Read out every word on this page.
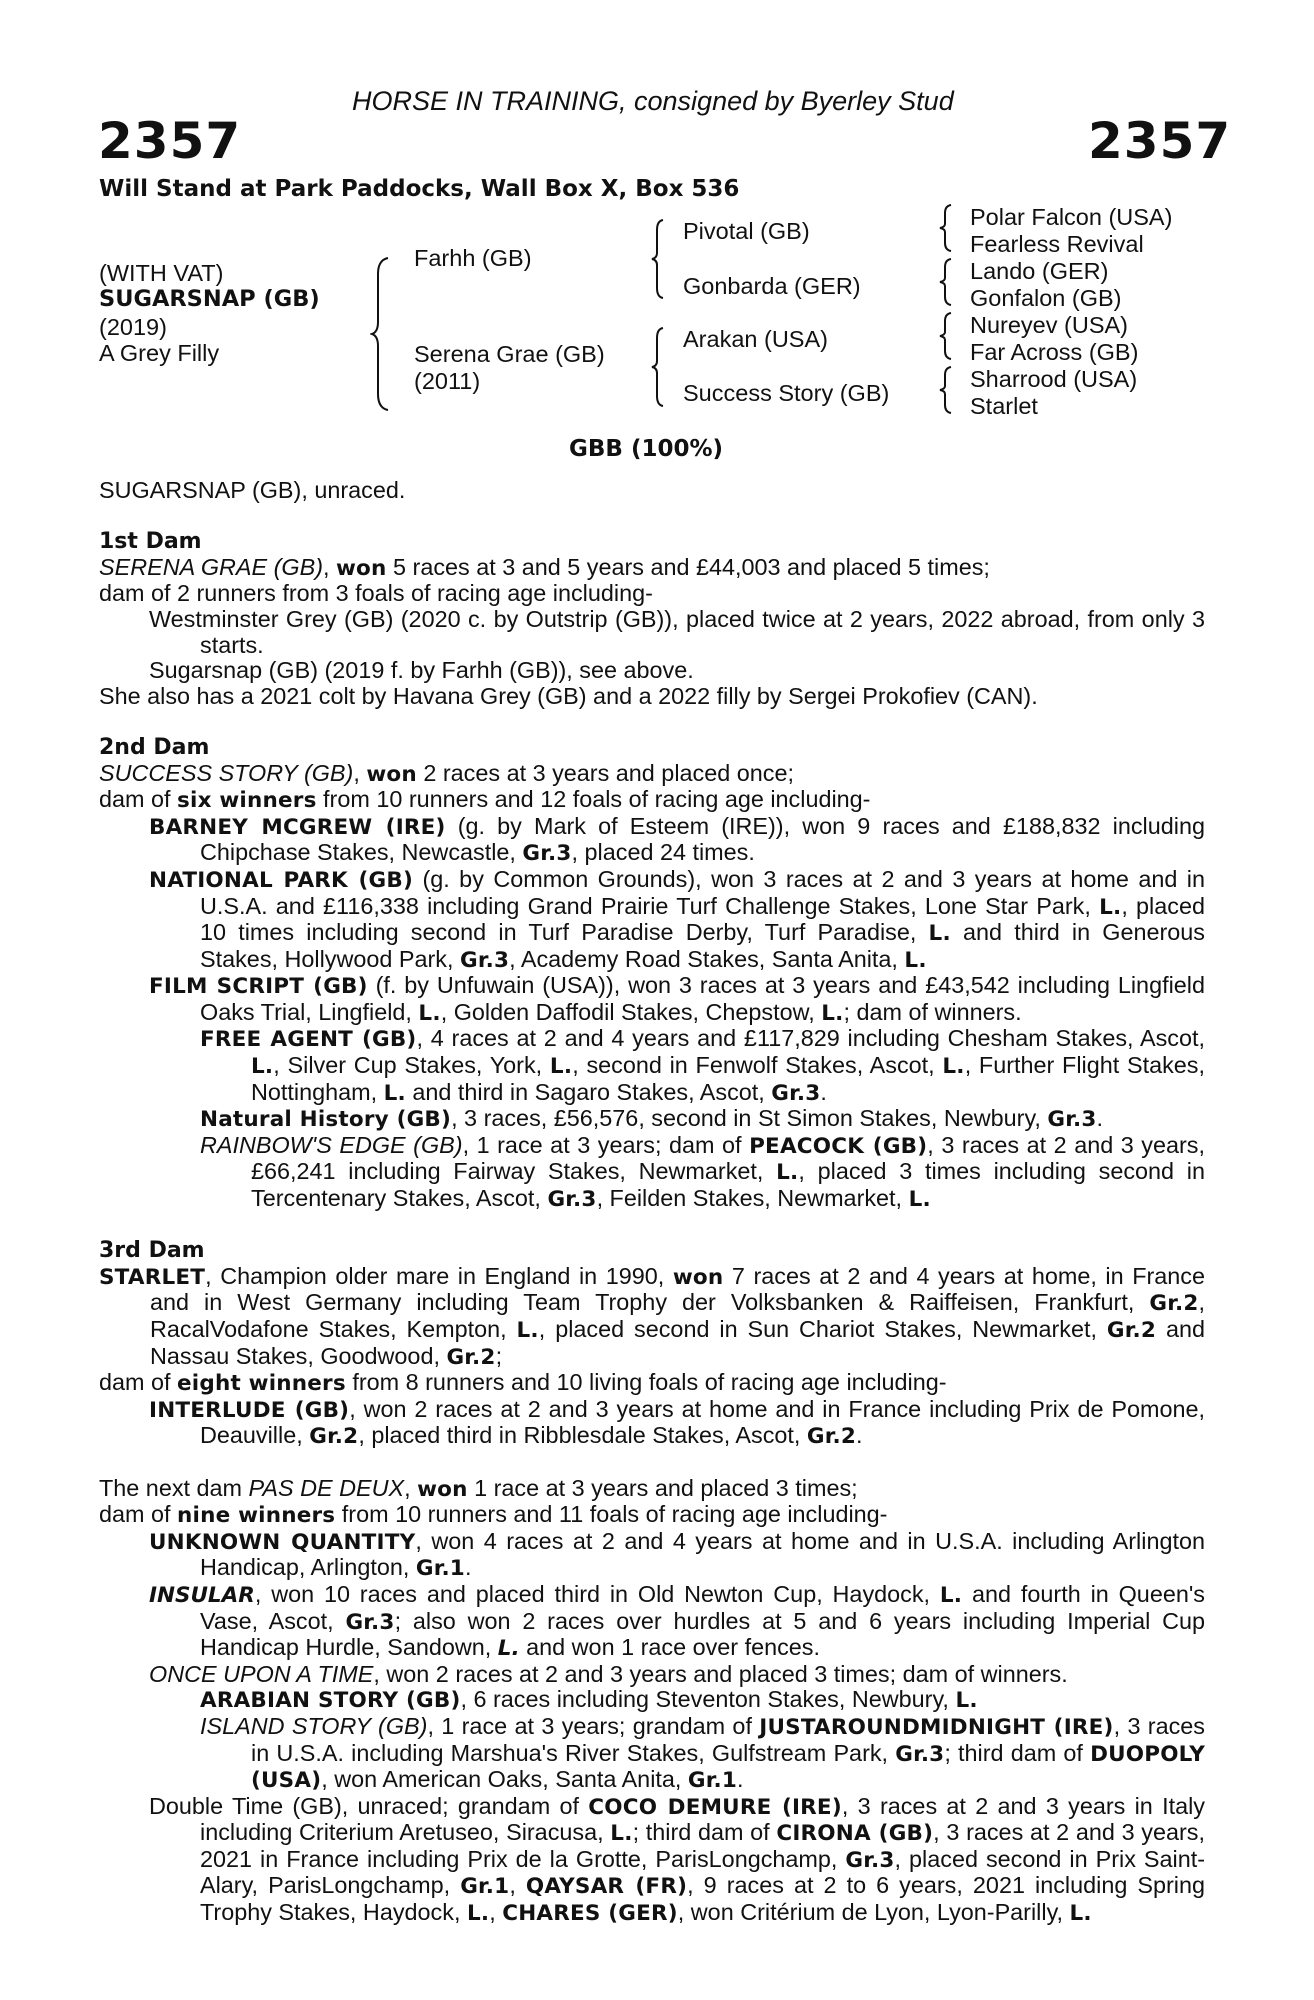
HORSE IN TRAINING, consigned by Byerley Stud
2357	2357
Will Stand at Park Paddocks, Wall Box X, Box 536
(WITH VAT)
SUGARSNAP (GB)
(2019)
A Grey Filly
Farhh (GB)
Serena Grae (GB)
(2011)
Pivotal (GB)
Gonbarda (GER)
Arakan (USA)
Success Story (GB)
Polar Falcon (USA)
Fearless Revival
Lando (GER)
Gonfalon (GB)
Nureyev (USA)
Far Across (GB)
Sharrood (USA)
Starlet
GBB (100%)

SUGARSNAP (GB), unraced.

1st Dam

SERENA GRAE (GB), won 5 races at 3 and 5 years and £44,003 and placed 5 times;

dam of 2 runners from 3 foals of racing age including-

Westminster Grey (GB) (2020 c. by Outstrip (GB)), placed twice at 2 years, 2022 abroad, from only 3 starts.

Sugarsnap (GB) (2019 f. by Farhh (GB)), see above.

She also has a 2021 colt by Havana Grey (GB) and a 2022 filly by Sergei Prokofiev (CAN).

2nd Dam

SUCCESS STORY (GB), won 2 races at 3 years and placed once;

dam of six winners from 10 runners and 12 foals of racing age including-

BARNEY MCGREW (IRE) (g. by Mark of Esteem (IRE)), won 9 races and £188,832 including Chipchase Stakes, Newcastle, Gr.3, placed 24 times.

NATIONAL PARK (GB) (g. by Common Grounds), won 3 races at 2 and 3 years at home and in U.S.A. and £116,338 including Grand Prairie Turf Challenge Stakes, Lone Star Park, L., placed 10 times including second in Turf Paradise Derby, Turf Paradise, L. and third in Generous Stakes, Hollywood Park, Gr.3, Academy Road Stakes, Santa Anita, L.

FILM SCRIPT (GB) (f. by Unfuwain (USA)), won 3 races at 3 years and £43,542 including Lingfield Oaks Trial, Lingfield, L., Golden Daffodil Stakes, Chepstow, L.; dam of winners.

FREE AGENT (GB), 4 races at 2 and 4 years and £117,829 including Chesham Stakes, Ascot, L., Silver Cup Stakes, York, L., second in Fenwolf Stakes, Ascot, L., Further Flight Stakes, Nottingham, L. and third in Sagaro Stakes, Ascot, Gr.3.

Natural History (GB), 3 races, £56,576, second in St Simon Stakes, Newbury, Gr.3.

RAINBOW'S EDGE (GB), 1 race at 3 years; dam of PEACOCK (GB), 3 races at 2 and 3 years, £66,241 including Fairway Stakes, Newmarket, L., placed 3 times including second in Tercentenary Stakes, Ascot, Gr.3, Feilden Stakes, Newmarket, L.

3rd Dam

STARLET, Champion older mare in England in 1990, won 7 races at 2 and 4 years at home, in France and in West Germany including Team Trophy der Volksbanken & Raiffeisen, Frankfurt, Gr.2, RacalVodafone Stakes, Kempton, L., placed second in Sun Chariot Stakes, Newmarket, Gr.2 and Nassau Stakes, Goodwood, Gr.2;

dam of eight winners from 8 runners and 10 living foals of racing age including-

INTERLUDE (GB), won 2 races at 2 and 3 years at home and in France including Prix de Pomone, Deauville, Gr.2, placed third in Ribblesdale Stakes, Ascot, Gr.2.

The next dam PAS DE DEUX, won 1 race at 3 years and placed 3 times;

dam of nine winners from 10 runners and 11 foals of racing age including-

UNKNOWN QUANTITY, won 4 races at 2 and 4 years at home and in U.S.A. including Arlington Handicap, Arlington, Gr.1.

INSULAR, won 10 races and placed third in Old Newton Cup, Haydock, L. and fourth in Queen's Vase, Ascot, Gr.3; also won 2 races over hurdles at 5 and 6 years including Imperial Cup Handicap Hurdle, Sandown, L. and won 1 race over fences.

ONCE UPON A TIME, won 2 races at 2 and 3 years and placed 3 times; dam of winners.

ARABIAN STORY (GB), 6 races including Steventon Stakes, Newbury, L.

ISLAND STORY (GB), 1 race at 3 years; grandam of JUSTAROUNDMIDNIGHT (IRE), 3 races in U.S.A. including Marshua's River Stakes, Gulfstream Park, Gr.3; third dam of DUOPOLY (USA), won American Oaks, Santa Anita, Gr.1.

Double Time (GB), unraced; grandam of COCO DEMURE (IRE), 3 races at 2 and 3 years in Italy including Criterium Aretuseo, Siracusa, L.; third dam of CIRONA (GB), 3 races at 2 and 3 years, 2021 in France including Prix de la Grotte, ParisLongchamp, Gr.3, placed second in Prix Saint-Alary, ParisLongchamp, Gr.1, QAYSAR (FR), 9 races at 2 to 6 years, 2021 including Spring Trophy Stakes, Haydock, L., CHARES (GER), won Critérium de Lyon, Lyon-Parilly, L.
